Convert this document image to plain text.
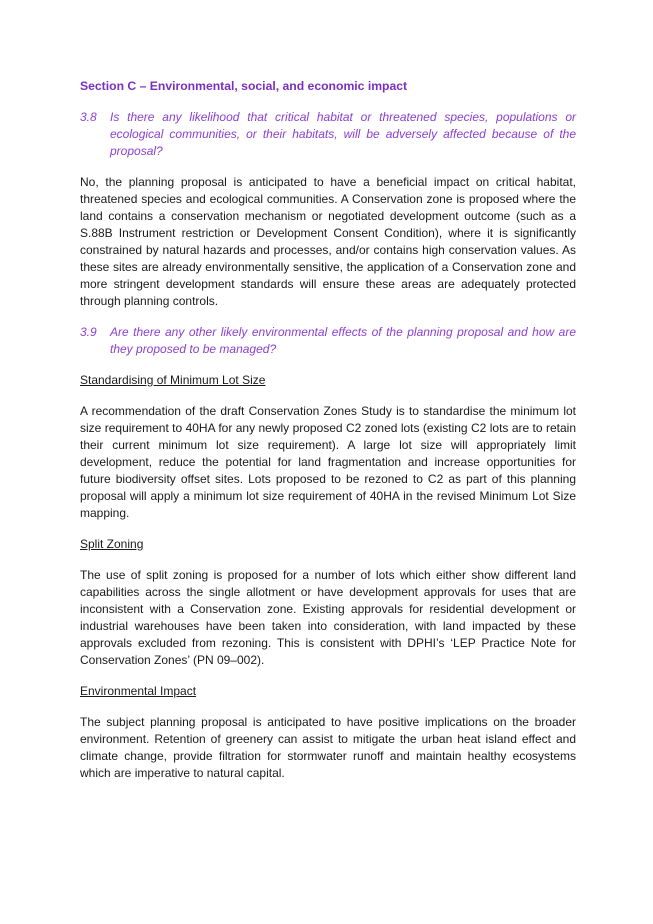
Section C – Environmental, social, and economic impact
3.8	Is there any likelihood that critical habitat or threatened species, populations or ecological communities, or their habitats, will be adversely affected because of the proposal?

No, the planning proposal is anticipated to have a beneficial impact on critical habitat, threatened species and ecological communities. A Conservation zone is proposed where the land contains a conservation mechanism or negotiated development outcome (such as a S.88B Instrument restriction or Development Consent Condition), where it is significantly constrained by natural hazards and processes, and/or contains high conservation values. As these sites are already environmentally sensitive, the application of a Conservation zone and more stringent development standards will ensure these areas are adequately protected through planning controls.

3.9	Are there any other likely environmental effects of the planning proposal and how are they proposed to be managed?
Standardising of Minimum Lot Size

A recommendation of the draft Conservation Zones Study is to standardise the minimum lot size requirement to 40HA for any newly proposed C2 zoned lots (existing C2 lots are to retain their current minimum lot size requirement). A large lot size will appropriately limit development, reduce the potential for land fragmentation and increase opportunities for future biodiversity offset sites. Lots proposed to be rezoned to C2 as part of this planning proposal will apply a minimum lot size requirement of 40HA in the revised Minimum Lot Size mapping.

Split Zoning

The use of split zoning is proposed for a number of lots which either show different land capabilities across the single allotment or have development approvals for uses that are inconsistent with a Conservation zone. Existing approvals for residential development or industrial warehouses have been taken into consideration, with land impacted by these approvals excluded from rezoning. This is consistent with DPHI’s ‘LEP Practice Note for Conservation Zones’ (PN 09–002).

Environmental Impact

The subject planning proposal is anticipated to have positive implications on the broader environment. Retention of greenery can assist to mitigate the urban heat island effect and climate change, provide filtration for stormwater runoff and maintain healthy ecosystems which are imperative to natural capital.
